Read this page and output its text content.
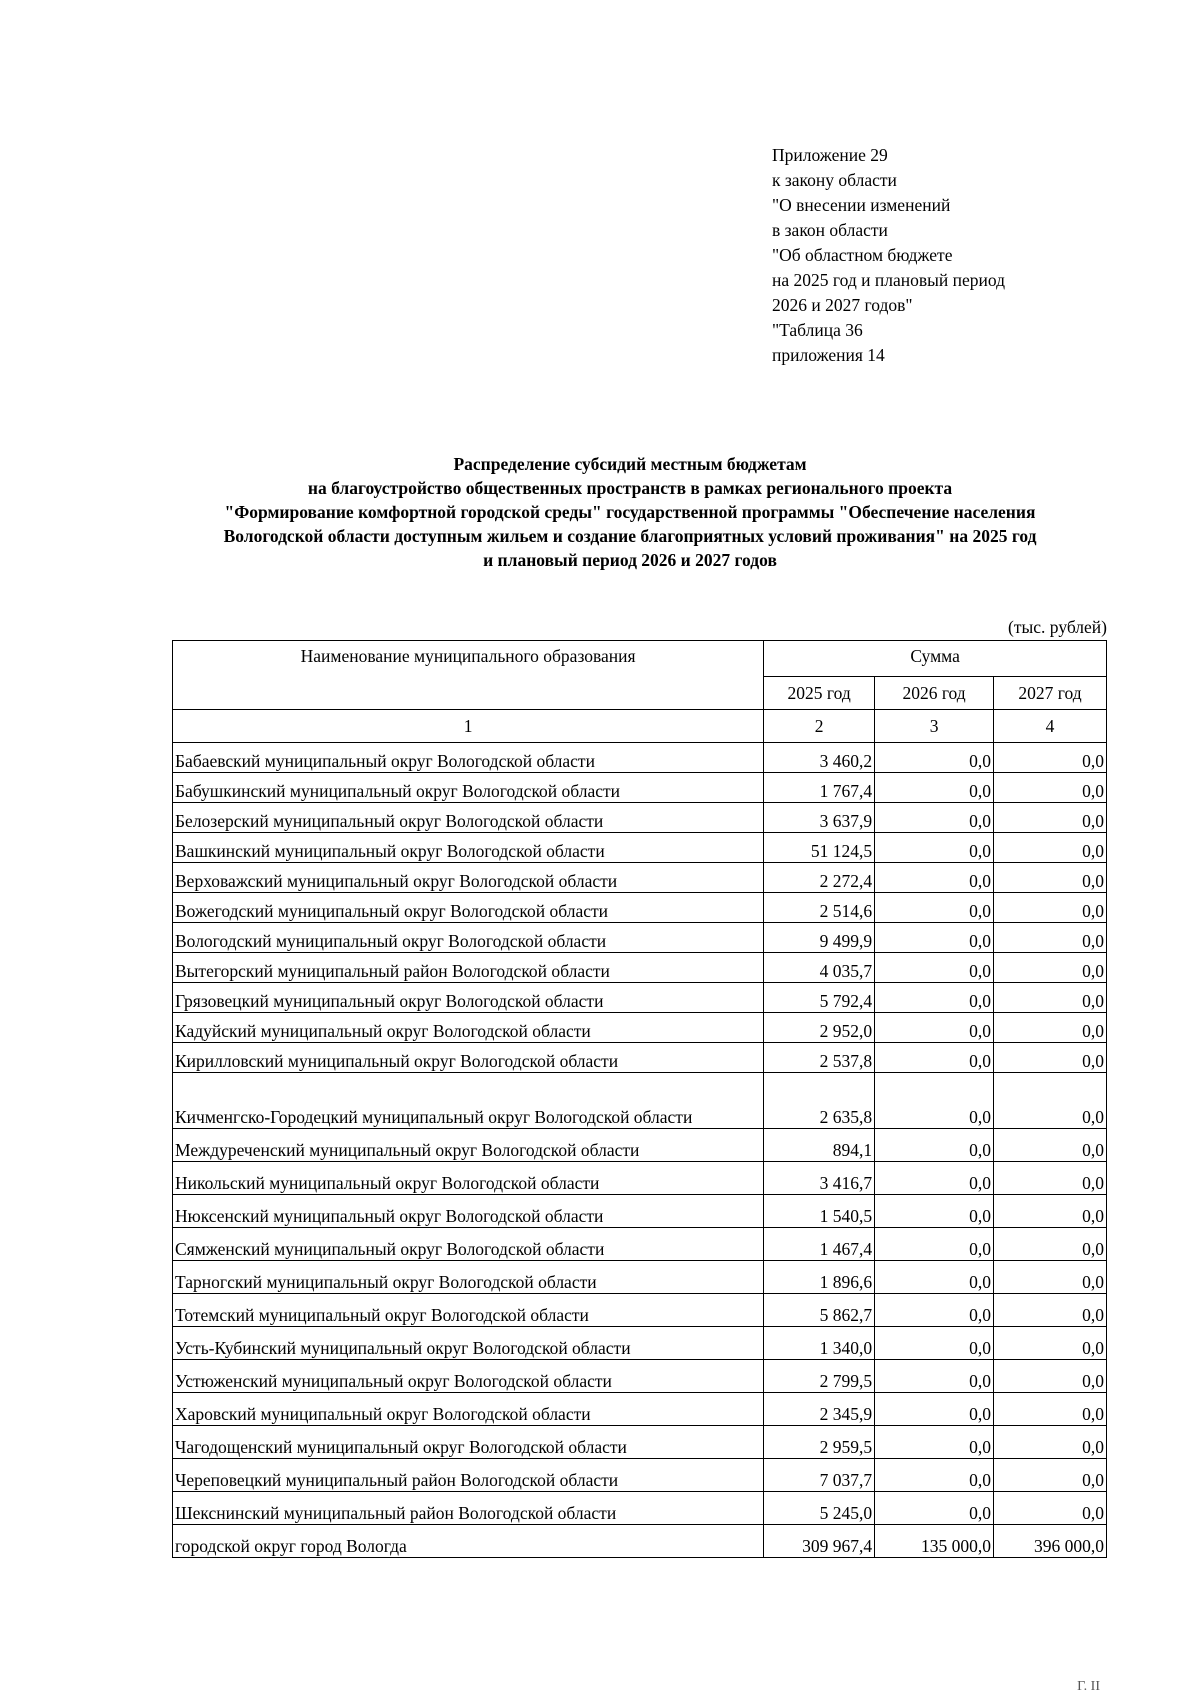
Приложение 29
к закону области
"О внесении изменений
в закон области
"Об областном бюджете
на 2025 год и плановый период
2026 и 2027 годов"
"Таблица 36
приложения 14
Распределение субсидий местным бюджетам
на благоустройство общественных пространств в рамках регионального проекта
"Формирование комфортной городской среды" государственной программы "Обеспечение населения
Вологодской области доступным жильем и создание благоприятных условий проживания" на 2025 год
и плановый период 2026 и 2027 годов
(тыс. рублей)
Наименование муниципального образования	Сумма		
	2025 год	2026 год	2027 год
1	2	3	4
Бабаевский муниципальный округ Вологодской области	3 460,2	0,0	0,0
Бабушкинский муниципальный округ Вологодской области	1 767,4	0,0	0,0
Белозерский муниципальный округ Вологодской области	3 637,9	0,0	0,0
Вашкинский муниципальный округ Вологодской области	51 124,5	0,0	0,0
Верховажский муниципальный округ Вологодской области	2 272,4	0,0	0,0
Вожегодский муниципальный округ Вологодской области	2 514,6	0,0	0,0
Вологодский муниципальный округ Вологодской области	9 499,9	0,0	0,0
Вытегорский муниципальный район Вологодской области	4 035,7	0,0	0,0
Грязовецкий муниципальный округ Вологодской области	5 792,4	0,0	0,0
Кадуйский муниципальный округ Вологодской области	2 952,0	0,0	0,0
Кирилловский муниципальный округ Вологодской области	2 537,8	0,0	0,0
Кичменгско-Городецкий муниципальный округ Вологодской области	2 635,8	0,0	0,0
Междуреченский муниципальный округ Вологодской области	894,1	0,0	0,0
Никольский муниципальный округ Вологодской области	3 416,7	0,0	0,0
Нюксенский муниципальный округ Вологодской области	1 540,5	0,0	0,0
Сямженский муниципальный округ Вологодской области	1 467,4	0,0	0,0
Тарногский муниципальный округ Вологодской области	1 896,6	0,0	0,0
Тотемский муниципальный округ Вологодской области	5 862,7	0,0	0,0
Усть-Кубинский муниципальный округ Вологодской области	1 340,0	0,0	0,0
Устюженский муниципальный округ Вологодской области	2 799,5	0,0	0,0
Харовский муниципальный округ Вологодской области	2 345,9	0,0	0,0
Чагодощенский муниципальный округ Вологодской области	2 959,5	0,0	0,0
Череповецкий муниципальный район Вологодской области	7 037,7	0,0	0,0
Шекснинский муниципальный район Вологодской области	5 245,0	0,0	0,0
городской округ город Вологда	309 967,4	135 000,0	396 000,0
Г. II
